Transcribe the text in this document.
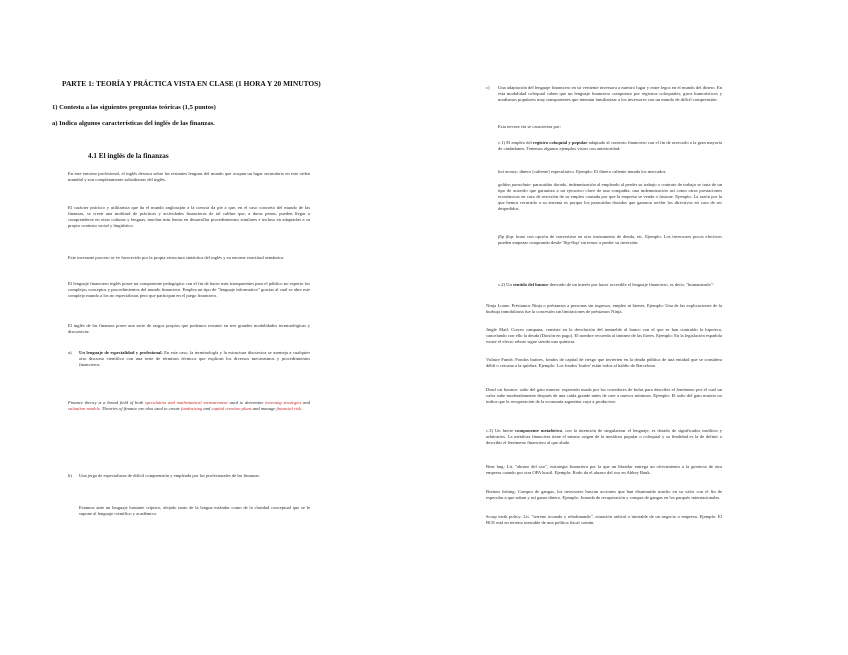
PARTE 1: TEORÍA Y PRÁCTICA VISTA EN CLASE (1 HORA Y 20 MINUTOS)
1) Contesta a las siguientes preguntas teóricas (1,5 puntos)
a) Indica algunos características del inglés de las finanzas.
4.1 El inglés de la finanzas

En este entorno profesional, el inglés destaca sobre las restantes lenguas del mundo que ocupan un lugar secundario en este orden mundial y son completamente subsidiarias del inglés.

El carácter práctico y utilitarista que da el mundo anglosajón a la ciencia da pie a que, en el caso concreto del mundo de las finanzas, se creen una multitud de prácticas y actividades financieras de tal calibre que, a duras penas, pueden llegar a comprenderse en otras culturas y lenguas, muchas más lentas en desarrollar procedimientos similares e incluso en adaptarlas a su propio contexto social y lingüístico.

Este incesante proceso se ve favorecido por la propia estructura sintáctica del inglés y su enorme exactitud semántica.

El lenguaje financiero inglés posee un componente pedagógico con el fin de hacer más transparentes para el público no experto los complejos conceptos y procedimientos del mundo financiero. Emplea un tipo de "lenguaje informativo" gracias al cual se abre este complejo mundo a los no especialistas pero que participan en el juego financiero.

El inglés de las finanzas posee una serie de rasgos propios que podemos resumir en tres grandes modalidades terminológicas y discursivas:

a) Un lenguaje de especialidad y profesional. En este caso, la terminología y la estructura discursiva se asemeja a cualquier otro discurso científico con una serie de términos técnicos que explican los diversos mecanismos y procedimientos financieros.

Finance theory is a broad field of both speculation and mathematical measurement used to determine investing strategies and valuation models. Theories of finance are also used to create fundraising and capital creation plans and manage financial risk.

b) Una jerga de especialistas de difícil comprensión y empleada por los profesionales de las finanzas.

Estamos ante un lenguaje bastante críptico, alejado tanto de la lengua estándar como de la claridad conceptual que se le supone al lenguaje científico y académico.

c) Una adaptación del lenguaje financiero en su vertiente inversora a nuestro lugar y entre legos en el mundo del dinero. En esta modalidad coloquial caben que un lenguaje financiero compuesto por registros coloquiales, giros humorísticos y modismos populares muy transparentes que intentan familiarizar a los inversores con un mundo de difícil comprensión.

Esta tercera vía se caracteriza por:

c.1) El empleo del registro coloquial y popular adaptado al contexto financiero con el fin de acercarlo a la gran mayoría de ciudadanos. Tenemos algunos ejemplos vistos con anterioridad:

hot money: dinero [caliente] especulativo. Ejemplo: El dinero caliente inunda los mercados.

golden parachute: paracaídas dorado, indemnización al empleado al perder su trabajo o contrato de trabajo se trata de un tipo de acuerdo que garantiza a un ejecutivo clave de una compañía, una indemnización así como otras prestaciones económicas en caso de rescisión de su empleo causada por que la empresa se venda o fusione. Ejemplo: La razón por la que hemos recurrido a su sistema es porque los paracaídas dorados que ganaron recibir los directivos en caso de ser despedidos.

flip flop: bono con opción de convertirse en otro instrumento de deuda, etc. Ejemplo: Los inversores pocos efectivos pueden empezar comprando desde 'flip-flop' sin temor a perder su inversión.

c.2) Un sentido del humor derivado de un interés por hacer accesible el lenguaje financiero, es decir, "humanizarlo":

Ninja Loans: Préstamos Ninja o préstamos a personas sin ingresos, empleo ni bienes. Ejemplo: Una de las explicaciones de la burbuja inmobiliaria fue la concesión sin limitaciones de préstamos Ninja.

Jingle Mail: Correo campana, consiste en la devolución del inmueble al banco con el que se han contraído la hipoteca, cancelando con ello la deuda (Dación en pago). El nombre recuerda al tintineo de las llaves. Ejemplo: En la legislación española existe el efecto rebote sigue siendo una quimera.

Vulture Funds: Fondos buitres, fondos de capital de riesgo que invierten en la deuda pública de una entidad que se considera débil o cercana a la quiebra. Ejemplo: Los fondos 'buitre' están todos al baldío de Barcelona.

Dead cat bounce: salto del gato muerto: expresión usada por los corredores de bolsa para describir el fenómeno por el cual un valor sube moderadamente después de una caída grande antes de caer a nuevos mínimos. Ejemplo: El salto del gato muerto no indica que la recuperación de la economía argentina vaya a producirse.

c.3) Un fuerte componente metafórico, con la intención de singularizar el lenguaje, es dotado de significados insólitos y arbitrarios. La metáfora financiera tiene el mismo origen de la metáfora popular o coloquial y su finalidad es la de definir o describir el fenómeno financiero al que alude.

Bear hug: Lit. "abrazo del oso", estrategia financiera por la que un librador entrega un ofrecimiento a la gerencia de otra empresa cuando por otra OPA hostil. Ejemplo: Rodo da el abrazo del oso en Abbey Bank.

Bottom fishing: Compra de gangas, los inversores buscan acciones que han disminuido mucho en su valor con el fin de especular a que suban y así ganar dinero. Ejemplo: Jornada de recuperación y compra de gangas en los parqués internacionales.

Scorp earth policy: Lit. "terreno tocando y rebobinando", situación radical o inestable de un negocio o empresa. Ejemplo: El BCE está en terreno inestable de una política fiscal común.
